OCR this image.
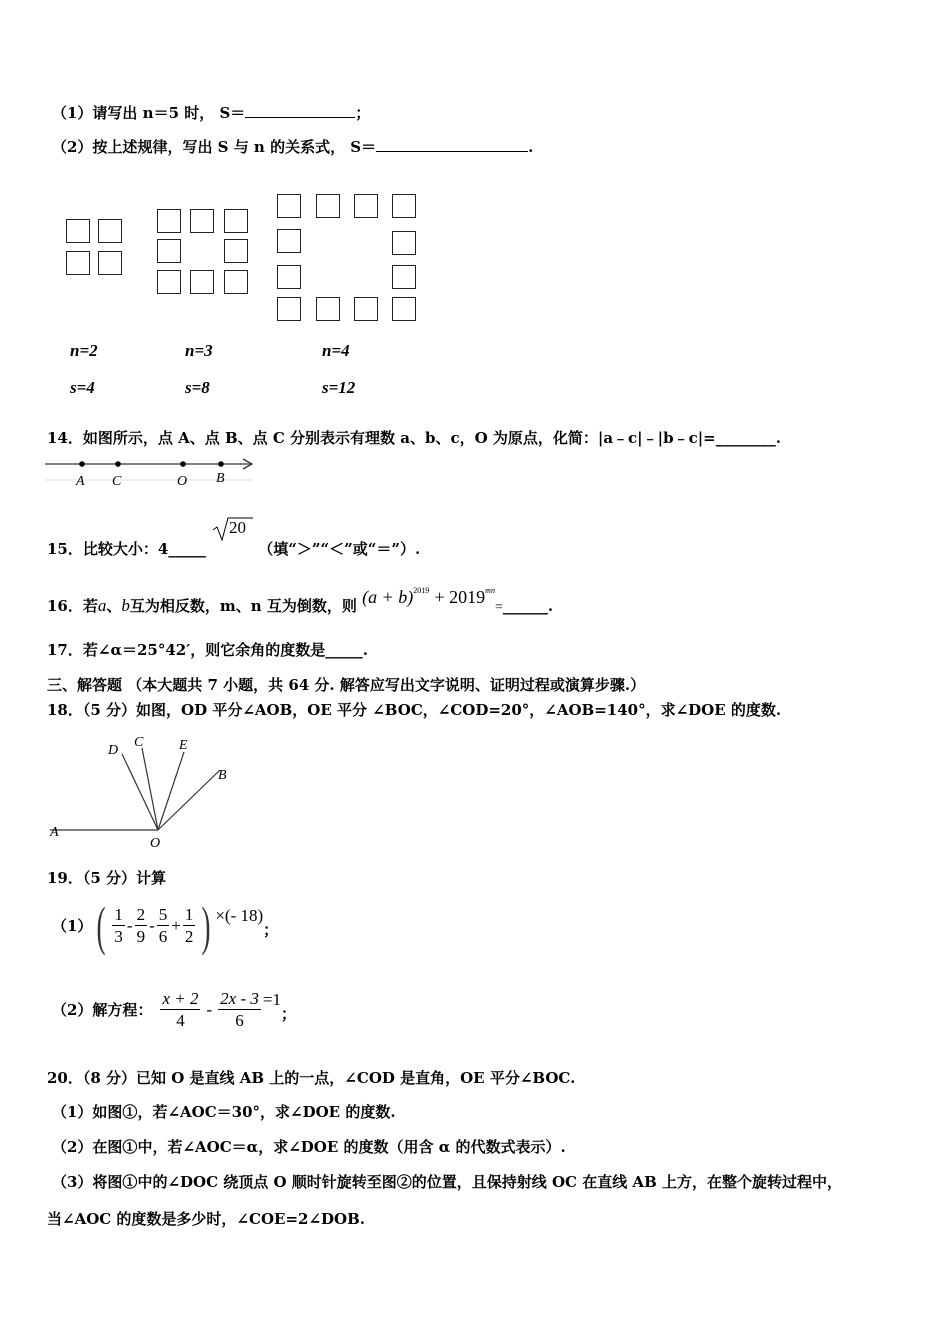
（1）请写出 n＝5 时， S＝	；
（2）按上述规律，写出 S 与 n 的关系式， S＝	.
n=2	n=3	n=4
s=4	s=8	s=12
14．如图所示，点 A、点 B、点 C 分别表示有理数 a、b、c，O 为原点，化简：|a﹣c|﹣|b﹣c|=________.
A C	O B
15．比较大小：4_____
20
（填“＞”“＜”或“＝”）.
16．若a、b互为相反数，m、n 互为倒数，则 $(a + b)^{2019}$ + $2019^{mn}=\_\_\_\_\_\_$.
17．若∠α＝25°42′，则它余角的度数是_____.
三、解答题 （本大题共 7 小题，共 64 分. 解答应写出文字说明、证明过程或演算步骤.）
18．（5 分）如图，OD 平分∠AOB，OE 平分 ∠BOC，∠COD=20°，∠AOB=140°，求∠DOE 的度数.
D
C	E
B
A
O
19．（5 分）计算
（1） ( $\frac{1}{3} - \frac{2}{9} - \frac{5}{6} + \frac{1}{2}$ ) ×(- 18)
；
（2）解方程： $\frac{x + 2}{4} - \frac{2x - 3}{6} =1$
；
20．（8 分）已知 O 是直线 AB 上的一点，∠COD 是直角，OE 平分∠BOC.
（1）如图①，若∠AOC＝30°，求∠DOE 的度数.
（2）在图①中，若∠AOC＝α，求∠DOE 的度数（用含 α 的代数式表示）.
（3）将图①中的∠DOC 绕顶点 O 顺时针旋转至图②的位置，且保持射线 OC 在直线 AB 上方，在整个旋转过程中，
当∠AOC 的度数是多少时，∠COE=2∠DOB.
